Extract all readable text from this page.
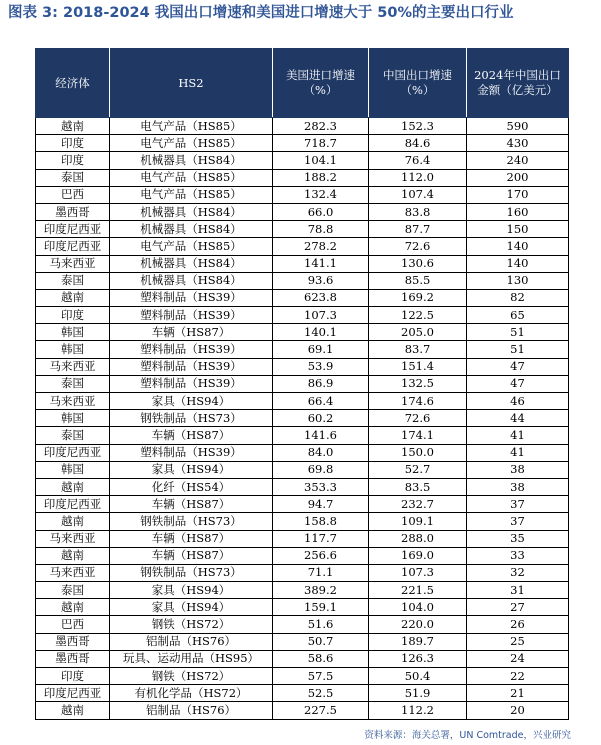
图表 3: 2018-2024 我国出口增速和美国进口增速大于 50%的主要出口行业
经济体	HS2	美国进口增速（%）	中国出口增速（%）	2024年中国出口金额（亿美元）
越南	电气产品（HS85）	282.3	152.3	590
印度	电气产品（HS85）	718.7	84.6	430
印度	机械器具（HS84）	104.1	76.4	240
泰国	电气产品（HS85）	188.2	112.0	200
巴西	电气产品（HS85）	132.4	107.4	170
墨西哥	机械器具（HS84）	66.0	83.8	160
印度尼西亚	机械器具（HS84）	78.8	87.7	150
印度尼西亚	电气产品（HS85）	278.2	72.6	140
马来西亚	机械器具（HS84）	141.1	130.6	140
泰国	机械器具（HS84）	93.6	85.5	130
越南	塑料制品（HS39）	623.8	169.2	82
印度	塑料制品（HS39）	107.3	122.5	65
韩国	车辆（HS87）	140.1	205.0	51
韩国	塑料制品（HS39）	69.1	83.7	51
马来西亚	塑料制品（HS39）	53.9	151.4	47
泰国	塑料制品（HS39）	86.9	132.5	47
马来西亚	家具（HS94）	66.4	174.6	46
韩国	钢铁制品（HS73）	60.2	72.6	44
泰国	车辆（HS87）	141.6	174.1	41
印度尼西亚	塑料制品（HS39）	84.0	150.0	41
韩国	家具（HS94）	69.8	52.7	38
越南	化纤（HS54）	353.3	83.5	38
印度尼西亚	车辆（HS87）	94.7	232.7	37
越南	钢铁制品（HS73）	158.8	109.1	37
马来西亚	车辆（HS87）	117.7	288.0	35
越南	车辆（HS87）	256.6	169.0	33
马来西亚	钢铁制品（HS73）	71.1	107.3	32
泰国	家具（HS94）	389.2	221.5	31
越南	家具（HS94）	159.1	104.0	27
巴西	钢铁（HS72）	51.6	220.0	26
墨西哥	铝制品（HS76）	50.7	189.7	25
墨西哥	玩具、运动用品（HS95）	58.6	126.3	24
印度	钢铁（HS72）	57.5	50.4	22
印度尼西亚	有机化学品（HS72）	52.5	51.9	21
越南	铝制品（HS76）	227.5	112.2	20
资料来源：海关总署，UN Comtrade，兴业研究
